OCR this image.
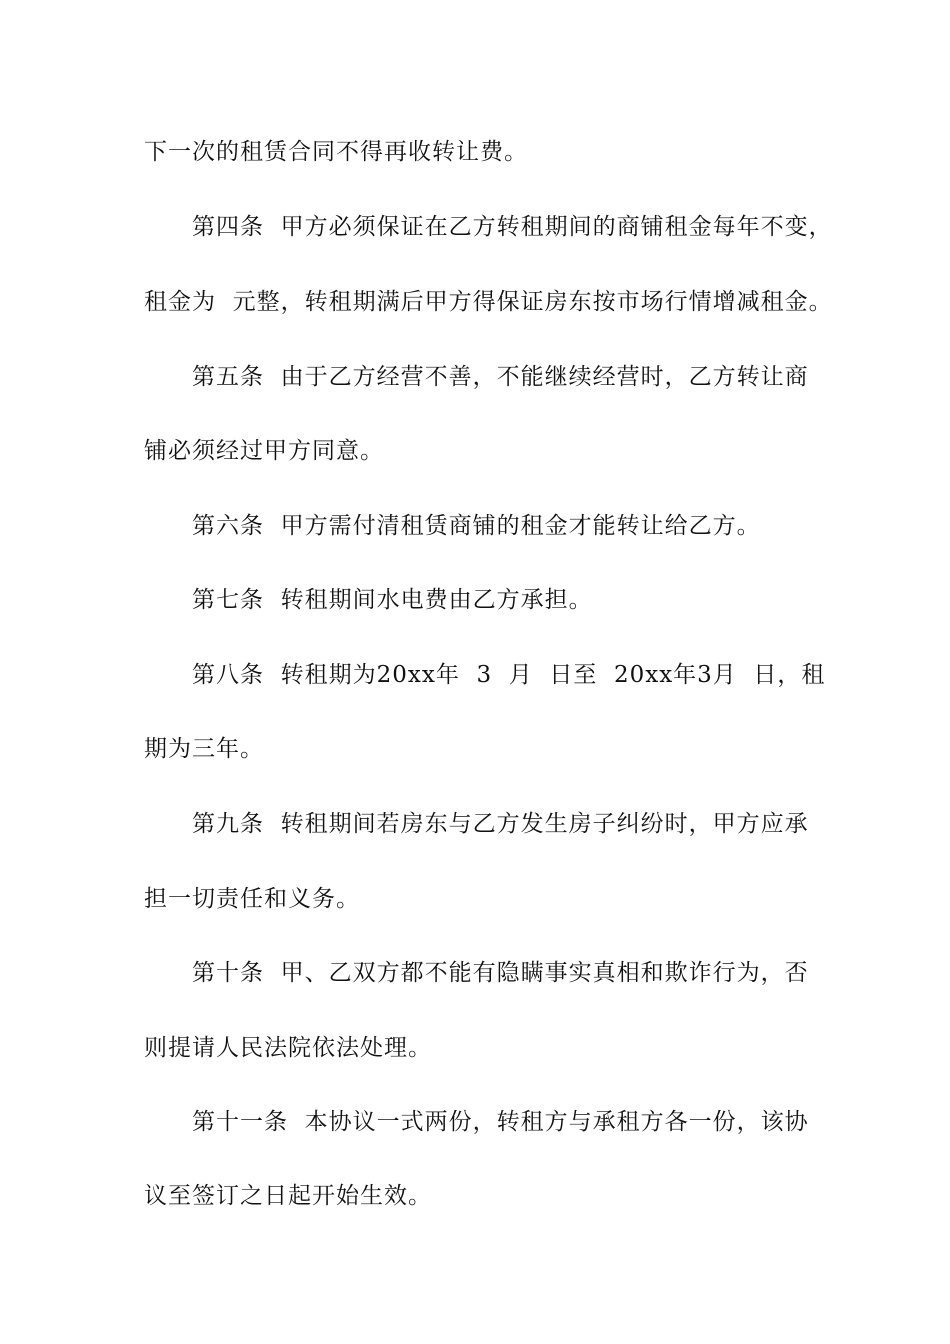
下一次的租赁合同不得再收转让费。
第四条  甲方必须保证在乙方转租期间的商铺租金每年不变，
租金为  元整，转租期满后甲方得保证房东按市场行情增减租金。
第五条  由于乙方经营不善，不能继续经营时，乙方转让商
铺必须经过甲方同意。
第六条  甲方需付清租赁商铺的租金才能转让给乙方。
第七条  转租期间水电费由乙方承担。
第八条  转租期为20xx年  3  月  日至  20xx年3月  日，租
期为三年。
第九条  转租期间若房东与乙方发生房子纠纷时，甲方应承
担一切责任和义务。
第十条  甲、乙双方都不能有隐瞒事实真相和欺诈行为，否
则提请人民法院依法处理。
第十一条  本协议一式两份，转租方与承租方各一份，该协
议至签订之日起开始生效。
